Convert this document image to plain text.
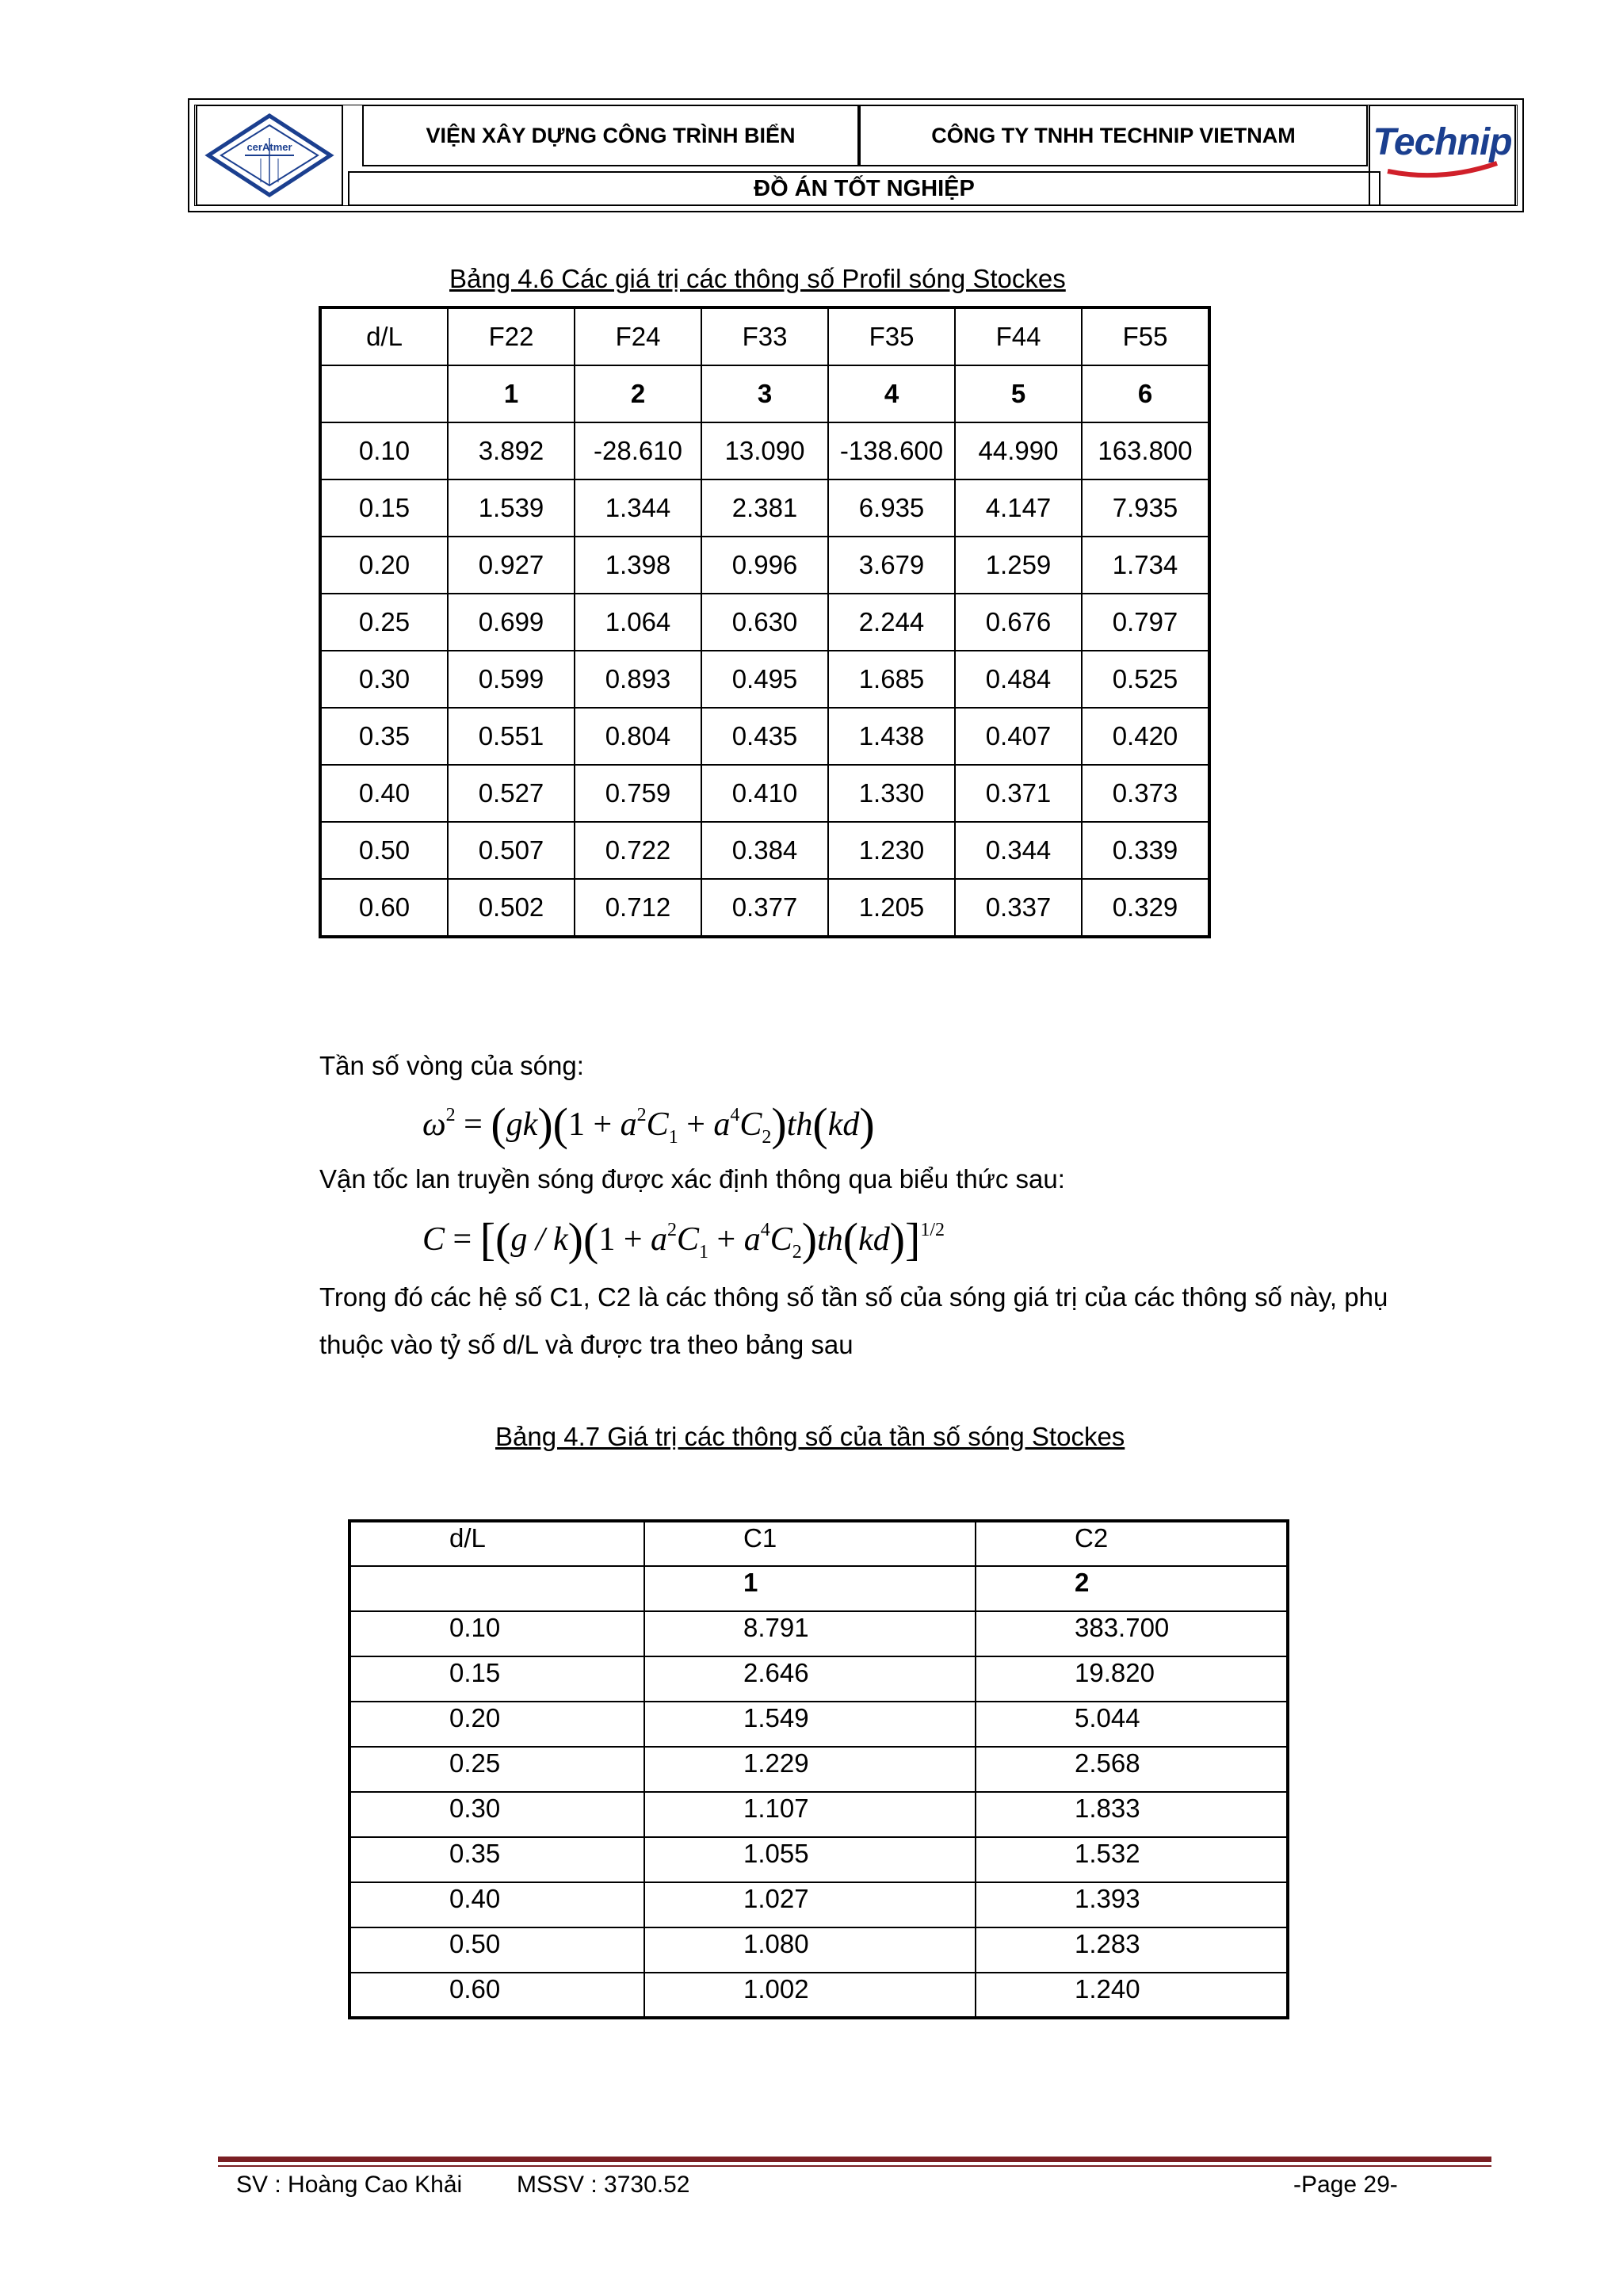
cerAtmer	VIỆN XÂY DỰNG CÔNG TRÌNH BIỂN	CÔNG TY TNHH TECHNIP VIETNAM
ĐỒ ÁN TỐT NGHIỆP
Technip
Bảng 4.6 Các giá trị các thông số Profil sóng Stockes
d/L	F22	F24	F33	F35	F44	F55
	1	2	3	4	5	6
0.10	3.892	-28.610	13.090	-138.600	44.990	163.800
0.15	1.539	1.344	2.381	6.935	4.147	7.935
0.20	0.927	1.398	0.996	3.679	1.259	1.734
0.25	0.699	1.064	0.630	2.244	0.676	0.797
0.30	0.599	0.893	0.495	1.685	0.484	0.525
0.35	0.551	0.804	0.435	1.438	0.407	0.420
0.40	0.527	0.759	0.410	1.330	0.371	0.373
0.50	0.507	0.722	0.384	1.230	0.344	0.339
0.60	0.502	0.712	0.377	1.205	0.337	0.329
Tần số vòng của sóng:
$\omega^2 = (gk)(1 + a^2C_1 + a^4C_2)th(kd)$
Vận tốc lan truyền sóng được xác định thông qua biểu thức sau:
$C = [(g / k)(1 + a^2C_1 + a^4C_2)th(kd)]^{1/2}$
Trong đó các hệ số C1, C2 là các thông số tần số của sóng giá trị của các thông số này, phụ
thuộc vào tỷ số d/L và được tra theo bảng sau
Bảng 4.7 Giá trị các thông số của tần số sóng Stockes
d/L	C1	C2
	1	2
0.10	8.791	383.700
0.15	2.646	19.820
0.20	1.549	5.044
0.25	1.229	2.568
0.30	1.107	1.833
0.35	1.055	1.532
0.40	1.027	1.393
0.50	1.080	1.283
0.60	1.002	1.240
SV : Hoàng Cao Khải MSSV : 3730.52	-Page 29-
